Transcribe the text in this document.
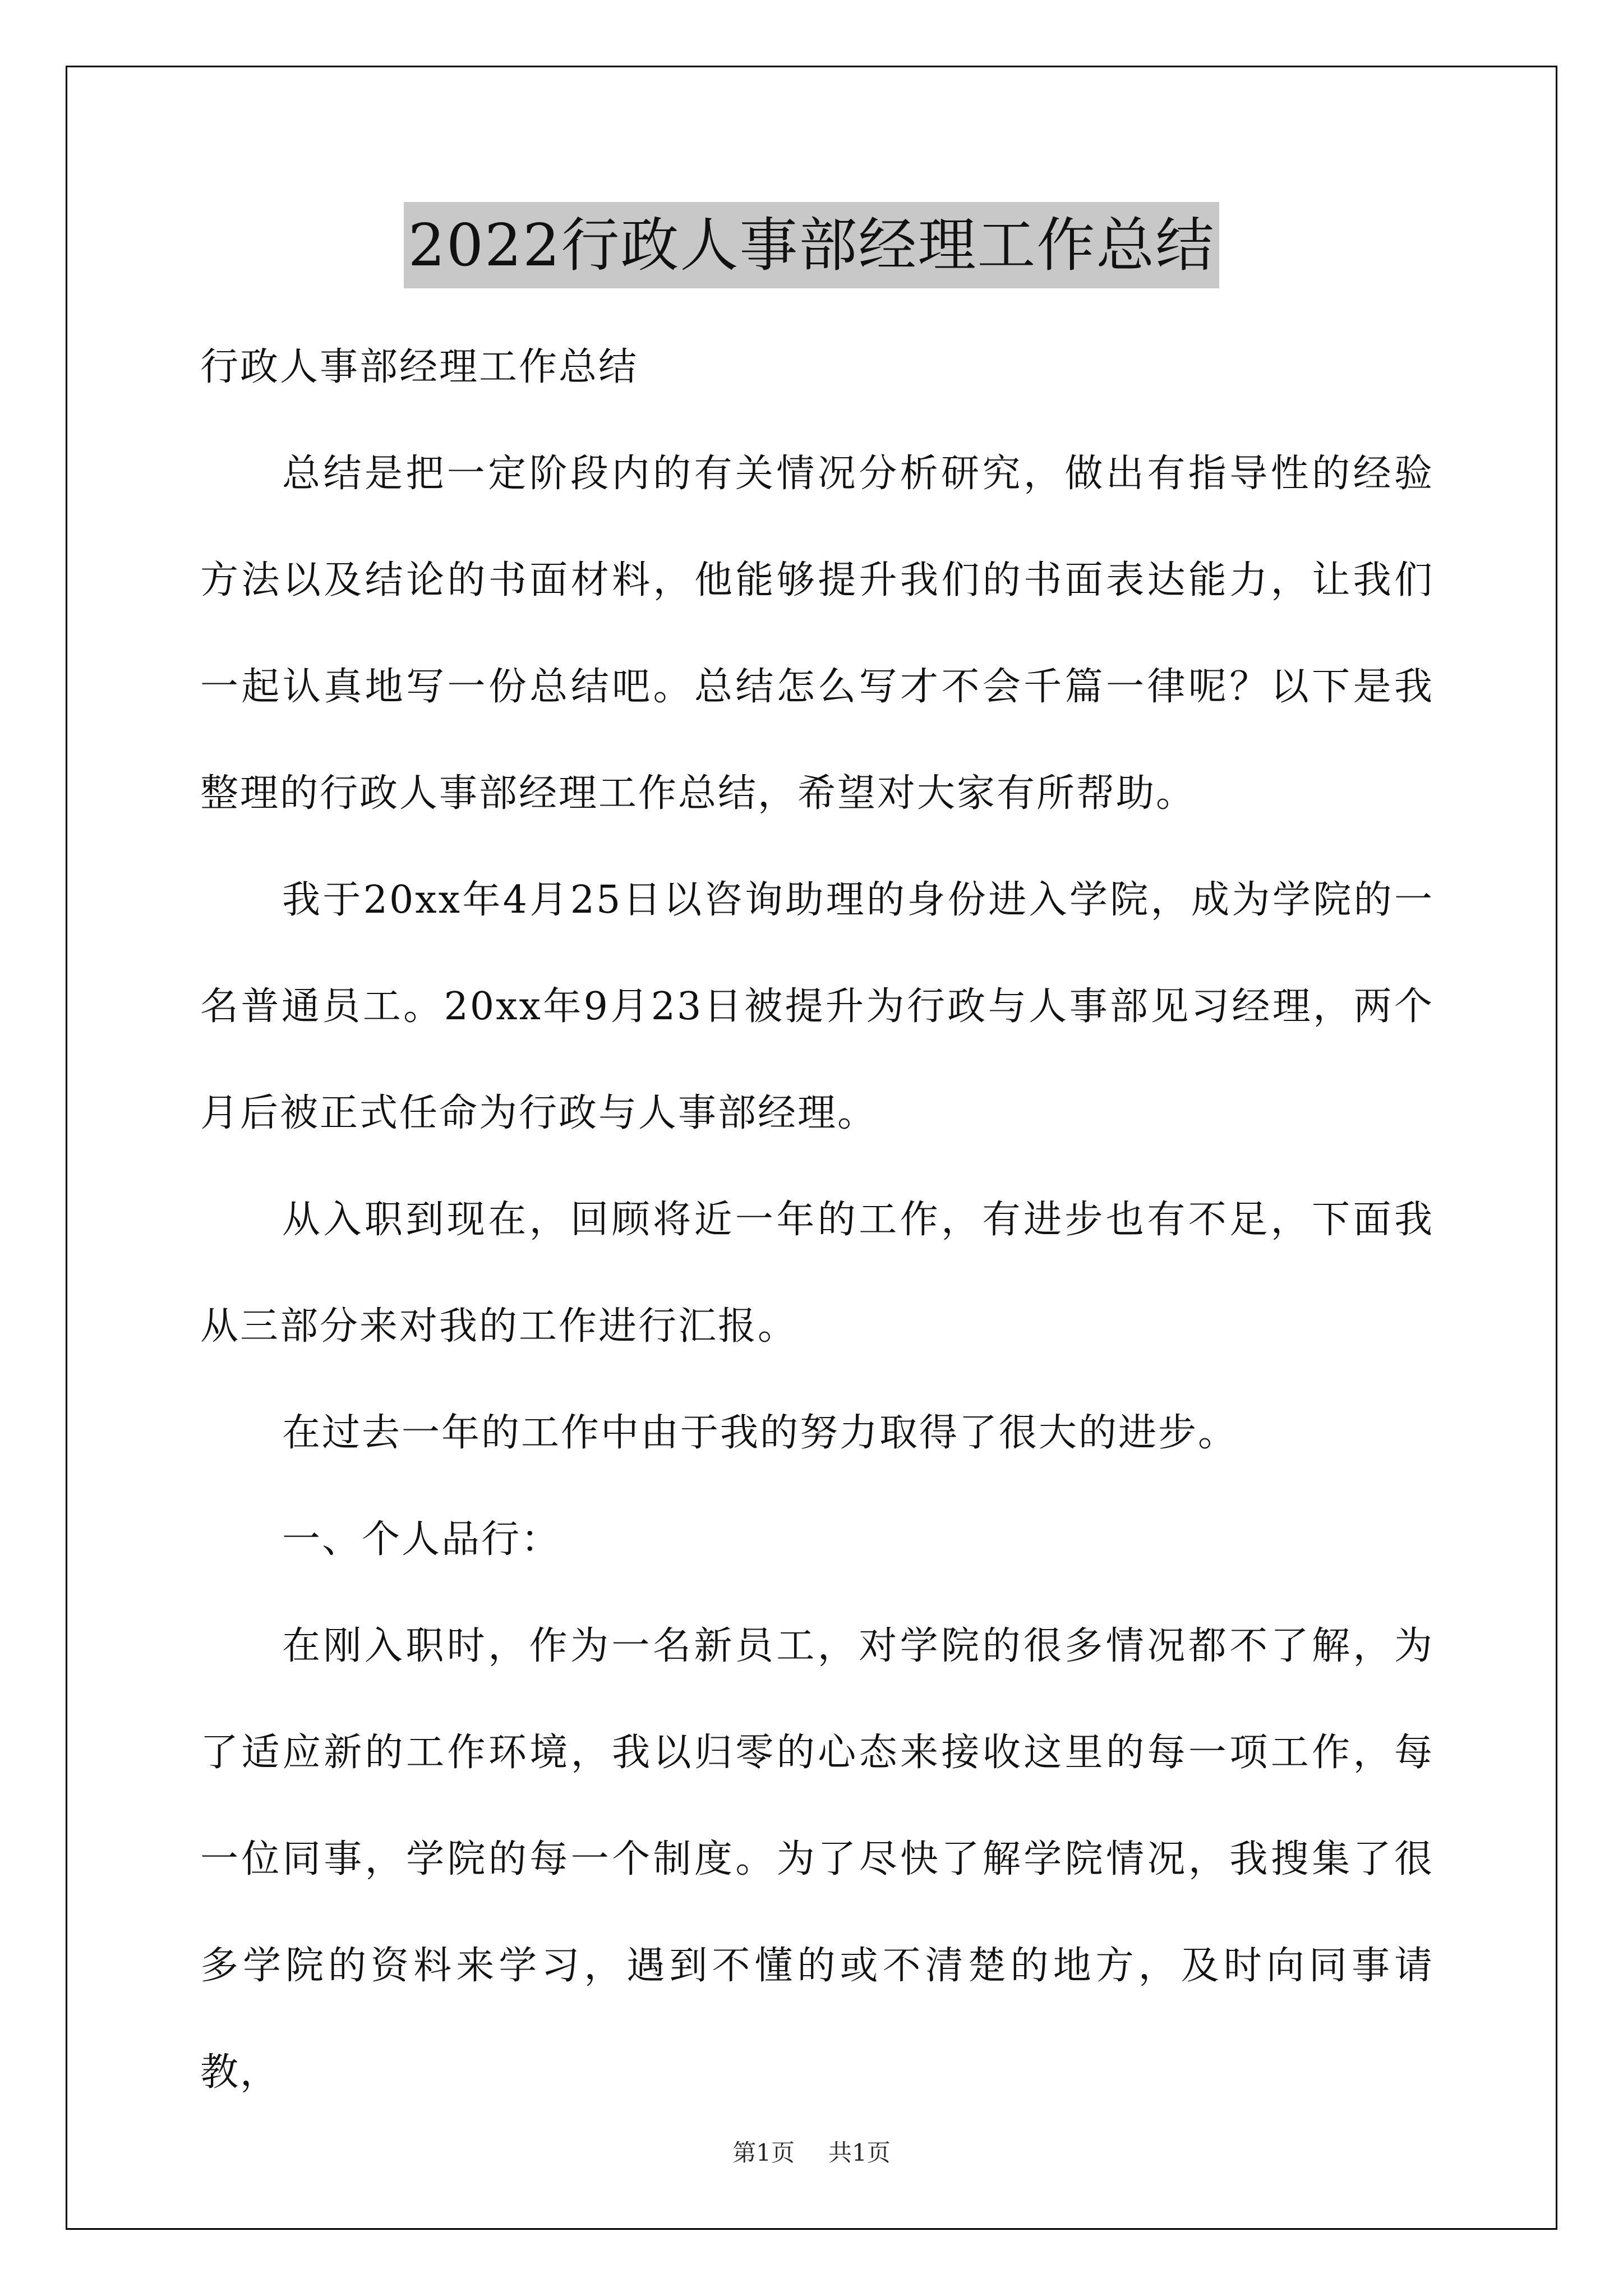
2022行政人事部经理工作总结

行政人事部经理工作总结

总结是把一定阶段内的有关情况分析研究，做出有指导性的经验方法以及结论的书面材料，他能够提升我们的书面表达能力，让我们一起认真地写一份总结吧。总结怎么写才不会千篇一律呢？以下是我整理的行政人事部经理工作总结，希望对大家有所帮助。

我于20xx年4月25日以咨询助理的身份进入学院，成为学院的一名普通员工。20xx年9月23日被提升为行政与人事部见习经理，两个月后被正式任命为行政与人事部经理。

从入职到现在，回顾将近一年的工作，有进步也有不足，下面我从三部分来对我的工作进行汇报。

在过去一年的工作中由于我的努力取得了很大的进步。

一、个人品行：

在刚入职时，作为一名新员工，对学院的很多情况都不了解，为了适应新的工作环境，我以归零的心态来接收这里的每一项工作，每一位同事，学院的每一个制度。为了尽快了解学院情况，我搜集了很多学院的资料来学习，遇到不懂的或不清楚的地方，及时向同事请教，

第1页 共1页
